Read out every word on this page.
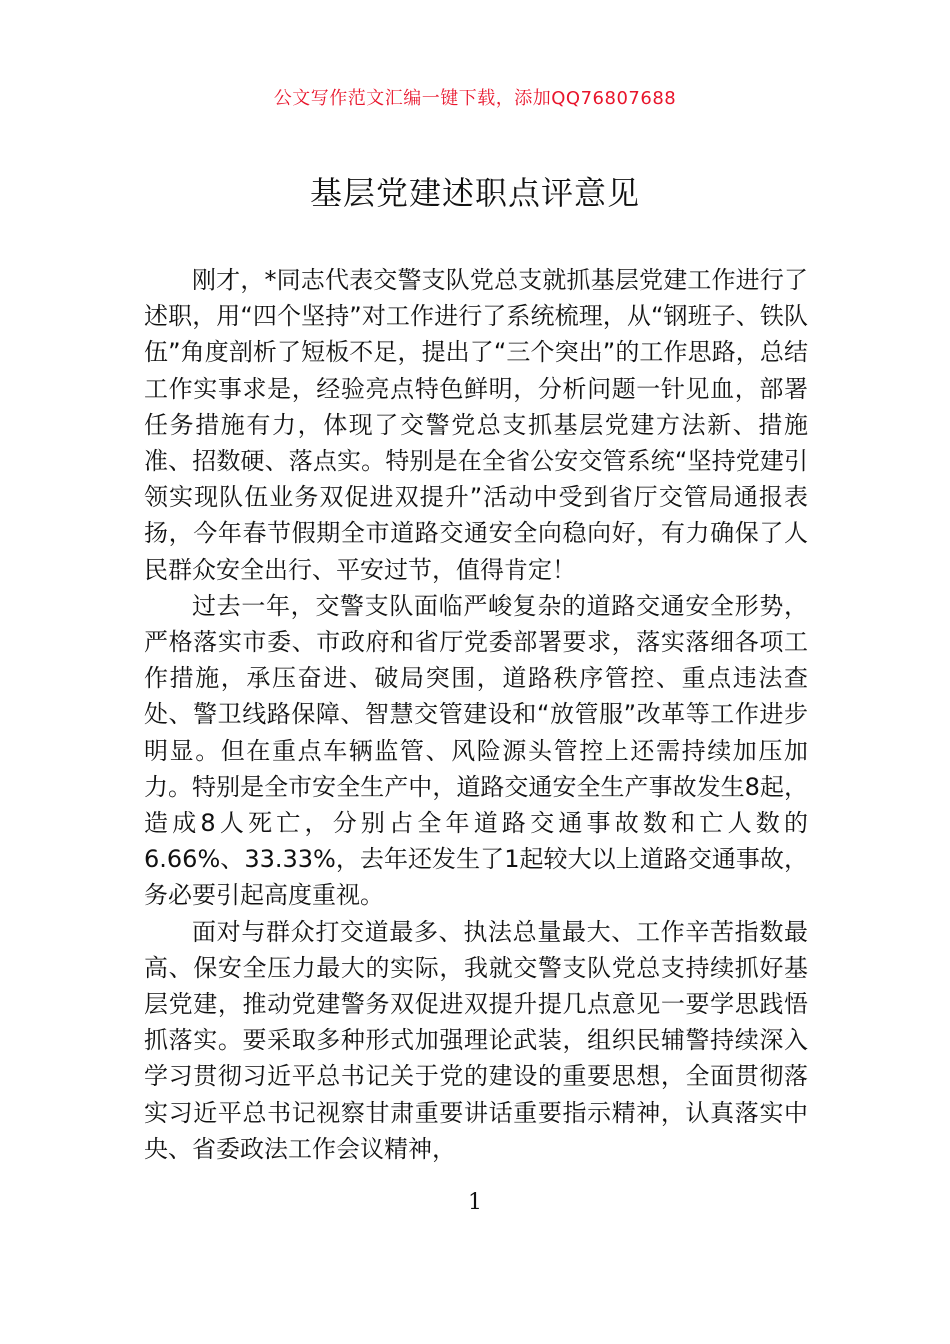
公文写作范文汇编一键下载，添加QQ76807688
基层党建述职点评意见

刚才，*同志代表交警支队党总支就抓基层党建工作进行了述职，用“四个坚持”对工作进行了系统梳理，从“钢班子、铁队伍”角度剖析了短板不足，提出了“三个突出”的工作思路，总结工作实事求是，经验亮点特色鲜明，分析问题一针见血，部署任务措施有力，体现了交警党总支抓基层党建方法新、措施准、招数硬、落点实。特别是在全省公安交管系统“坚持党建引领实现队伍业务双促进双提升”活动中受到省厅交管局通报表扬，今年春节假期全市道路交通安全向稳向好，有力确保了人民群众安全出行、平安过节，值得肯定！

过去一年，交警支队面临严峻复杂的道路交通安全形势，严格落实市委、市政府和省厅党委部署要求，落实落细各项工作措施，承压奋进、破局突围，道路秩序管控、重点违法查处、警卫线路保障、智慧交管建设和“放管服”改革等工作进步明显。但在重点车辆监管、风险源头管控上还需持续加压加力。特别是全市安全生产中，道路交通安全生产事故发生8起，造成8人死亡，分别占全年道路交通事故数和亡人数的6.66%、33.33%，去年还发生了1起较大以上道路交通事故，务必要引起高度重视。

面对与群众打交道最多、执法总量最大、工作辛苦指数最高、保安全压力最大的实际，我就交警支队党总支持续抓好基层党建，推动党建警务双促进双提升提几点意见一要学思践悟抓落实。要采取多种形式加强理论武装，组织民辅警持续深入学习贯彻习近平总书记关于党的建设的重要思想，全面贯彻落实习近平总书记视察甘肃重要讲话重要指示精神，认真落实中央、省委政法工作会议精神，

1
